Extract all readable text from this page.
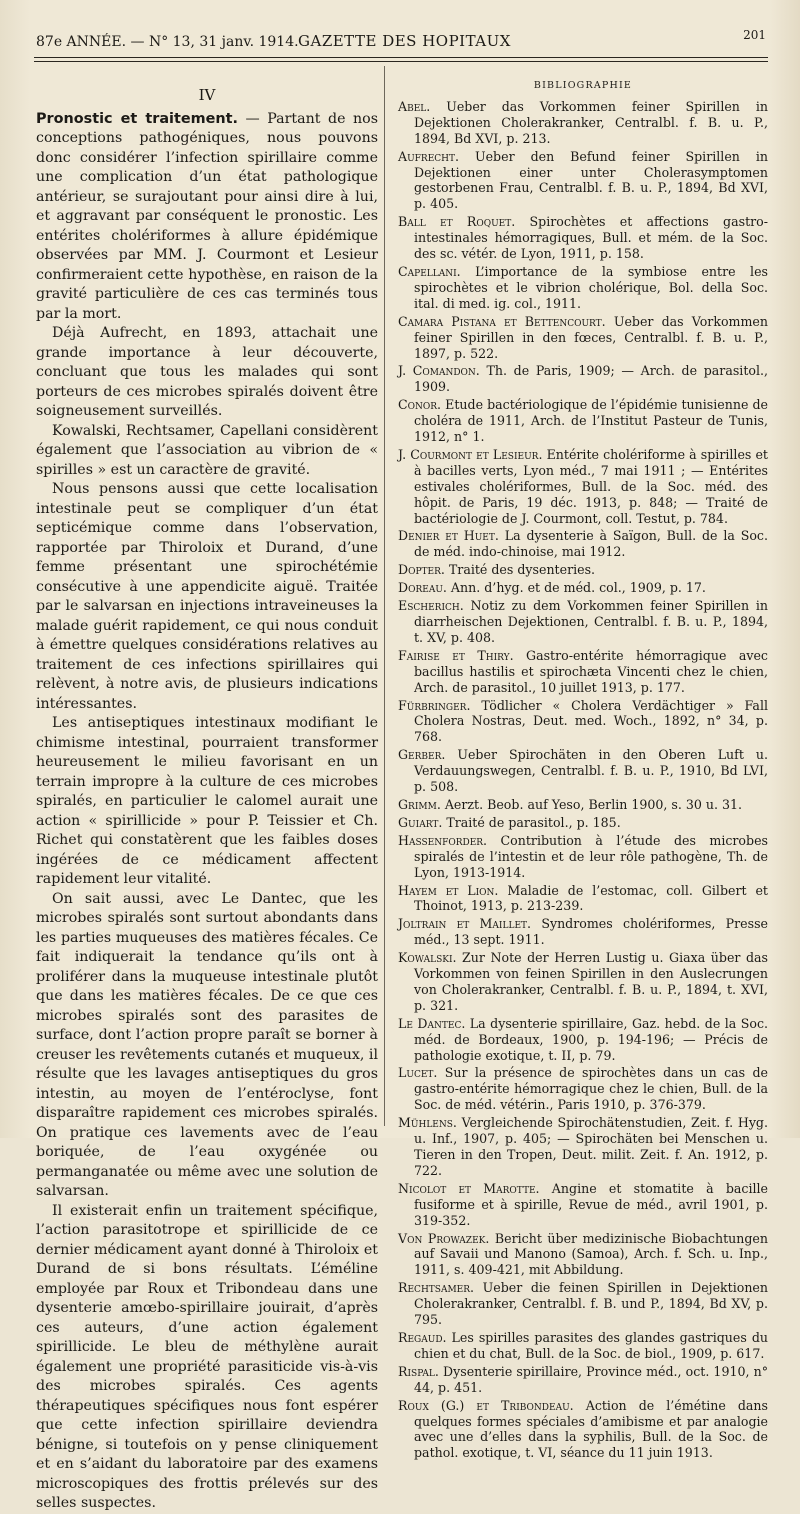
87e ANNÉE. — N° 13, 31 janv. 1914. GAZETTE DES HOPITAUX	201
IV

Pronostic et traitement. — Partant de nos conceptions pathogéniques, nous pouvons donc considérer l’infection spirillaire comme une complication d’un état pathologique antérieur, se surajoutant pour ainsi dire à lui, et aggravant par conséquent le pronostic. Les entérites cholériformes à allure épidémique observées par MM. J. Courmont et Lesieur confirmeraient cette hypothèse, en raison de la gravité particulière de ces cas terminés tous par la mort.

Déjà Aufrecht, en 1893, attachait une grande importance à leur découverte, concluant que tous les malades qui sont porteurs de ces microbes spiralés doivent être soigneusement surveillés.

Kowalski, Rechtsamer, Capellani considèrent également que l’association au vibrion de « spirilles » est un caractère de gravité.

Nous pensons aussi que cette localisation intestinale peut se compliquer d’un état septicémique comme dans l’observation, rapportée par Thiroloix et Durand, d’une femme présentant une spirochétémie consécutive à une appendicite aiguë. Traitée par le salvarsan en injections intraveineuses la malade guérit rapidement, ce qui nous conduit à émettre quelques considérations relatives au traitement de ces infections spirillaires qui relèvent, à notre avis, de plusieurs indications intéressantes.

Les antiseptiques intestinaux modifiant le chimisme intestinal, pourraient transformer heureusement le milieu favorisant en un terrain impropre à la culture de ces microbes spiralés, en particulier le calomel aurait une action « spirillicide » pour P. Teissier et Ch. Richet qui constatèrent que les faibles doses ingérées de ce médicament affectent rapidement leur vitalité.

On sait aussi, avec Le Dantec, que les microbes spiralés sont surtout abondants dans les parties muqueuses des matières fécales. Ce fait indiquerait la tendance qu’ils ont à proliférer dans la muqueuse intestinale plutôt que dans les matières fécales. De ce que ces microbes spiralés sont des parasites de surface, dont l’action propre paraît se borner à creuser les revêtements cutanés et muqueux, il résulte que les lavages antiseptiques du gros intestin, au moyen de l’entéroclyse, font disparaître rapidement ces microbes spiralés. On pratique ces lavements avec de l’eau boriquée, de l’eau oxygénée ou permanganatée ou même avec une solution de salvarsan.

Il existerait enfin un traitement spécifique, l’action parasitotrope et spirillicide de ce dernier médicament ayant donné à Thiroloix et Durand de si bons résultats. L’éméline employée par Roux et Tribondeau dans une dysenterie amœbo-spirillaire jouirait, d’après ces auteurs, d’une action également spirillicide. Le bleu de méthylène aurait également une propriété parasiticide vis-à-vis des microbes spiralés. Ces agents thérapeutiques spécifiques nous font espérer que cette infection spirillaire deviendra bénigne, si toutefois on y pense cliniquement et en s’aidant du laboratoire par des examens microscopiques des frottis prélevés sur des selles suspectes.

BIBLIOGRAPHIE
Abel. Ueber das Vorkommen feiner Spirillen in Dejektionen Cholerakranker, Centralbl. f. B. u. P., 1894, Bd XVI, p. 213.
Aufrecht. Ueber den Befund feiner Spirillen in Dejektionen einer unter Cholerasymptomen gestorbenen Frau, Centralbl. f. B. u. P., 1894, Bd XVI, p. 405.
Ball et Roquet. Spirochètes et affections gastro-intestinales hémorragiques, Bull. et mém. de la Soc. des sc. vétér. de Lyon, 1911, p. 158.
Capellani. L’importance de la symbiose entre les spirochètes et le vibrion cholérique, Bol. della Soc. ital. di med. ig. col., 1911.
Camara Pistana et Bettencourt. Ueber das Vorkommen feiner Spirillen in den fœces, Centralbl. f. B. u. P., 1897, p. 522.
J. Comandon. Th. de Paris, 1909; — Arch. de parasitol., 1909.
Conor. Etude bactériologique de l’épidémie tunisienne de choléra de 1911, Arch. de l’Institut Pasteur de Tunis, 1912, n° 1.
J. Courmont et Lesieur. Entérite cholériforme à spirilles et à bacilles verts, Lyon méd., 7 mai 1911 ; — Entérites estivales cholériformes, Bull. de la Soc. méd. des hôpit. de Paris, 19 déc. 1913, p. 848; — Traité de bactériologie de J. Courmont, coll. Testut, p. 784.
Denier et Huet. La dysenterie à Saïgon, Bull. de la Soc. de méd. indo-chinoise, mai 1912.
Dopter. Traité des dysenteries.
Doreau. Ann. d’hyg. et de méd. col., 1909, p. 17.
Escherich. Notiz zu dem Vorkommen feiner Spirillen in diarrheischen Dejektionen, Centralbl. f. B. u. P., 1894, t. XV, p. 408.
Fairise et Thiry. Gastro-entérite hémorragique avec bacillus hastilis et spirochæta Vincenti chez le chien, Arch. de parasitol., 10 juillet 1913, p. 177.
Fürbringer. Tödlicher « Cholera Verdächtiger » Fall Cholera Nostras, Deut. med. Woch., 1892, n° 34, p. 768.
Gerber. Ueber Spirochäten in den Oberen Luft u. Verdauungswegen, Centralbl. f. B. u. P., 1910, Bd LVI, p. 508.
Grimm. Aerzt. Beob. auf Yeso, Berlin 1900, s. 30 u. 31.
Guiart. Traité de parasitol., p. 185.
Hassenforder. Contribution à l’étude des microbes spiralés de l’intestin et de leur rôle pathogène, Th. de Lyon, 1913-1914.
Hayem et Lion. Maladie de l’estomac, coll. Gilbert et Thoinot, 1913, p. 213-239.
Joltrain et Maillet. Syndromes cholériformes, Presse méd., 13 sept. 1911.
Kowalski. Zur Note der Herren Lustig u. Giaxa über das Vorkommen von feinen Spirillen in den Auslecrungen von Cholerakranker, Centralbl. f. B. u. P., 1894, t. XVI, p. 321.
Le Dantec. La dysenterie spirillaire, Gaz. hebd. de la Soc. méd. de Bordeaux, 1900, p. 194-196; — Précis de pathologie exotique, t. II, p. 79.
Lucet. Sur la présence de spirochètes dans un cas de gastro-entérite hémorragique chez le chien, Bull. de la Soc. de méd. vétérin., Paris 1910, p. 376-379.
Mühlens. Vergleichende Spirochätenstudien, Zeit. f. Hyg. u. Inf., 1907, p. 405; — Spirochäten bei Menschen u. Tieren in den Tropen, Deut. milit. Zeit. f. An. 1912, p. 722.
Nicolot et Marotte. Angine et stomatite à bacille fusiforme et à spirille, Revue de méd., avril 1901, p. 319-352.
Von Prowazek. Bericht über medizinische Biobachtungen auf Savaii und Manono (Samoa), Arch. f. Sch. u. Inp., 1911, s. 409-421, mit Abbildung.
Rechtsamer. Ueber die feinen Spirillen in Dejektionen Cholerakranker, Centralbl. f. B. und P., 1894, Bd XV, p. 795.
Regaud. Les spirilles parasites des glandes gastriques du chien et du chat, Bull. de la Soc. de biol., 1909, p. 617.
Rispal. Dysenterie spirillaire, Province méd., oct. 1910, n° 44, p. 451.
Roux (G.) et Tribondeau. Action de l’émétine dans quelques formes spéciales d’amibisme et par analogie avec une d’elles dans la syphilis, Bull. de la Soc. de pathol. exotique, t. VI, séance du 11 juin 1913.
